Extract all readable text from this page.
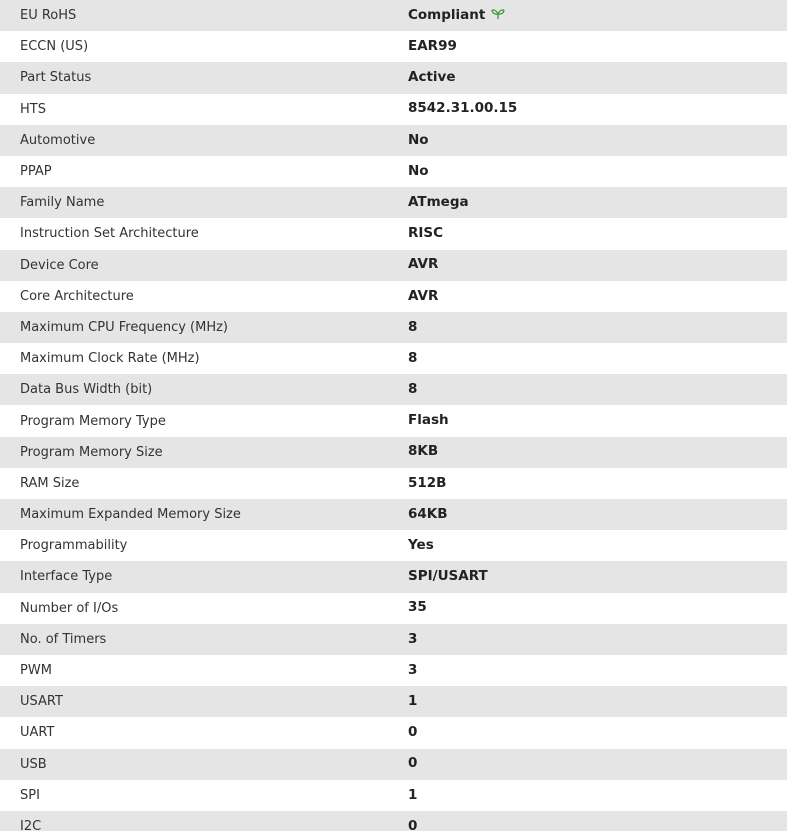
EU RoHS	Compliant
ECCN (US)	EAR99
Part Status	Active
HTS	8542.31.00.15
Automotive	No
PPAP	No
Family Name	ATmega
Instruction Set Architecture	RISC
Device Core	AVR
Core Architecture	AVR
Maximum CPU Frequency (MHz)	8
Maximum Clock Rate (MHz)	8
Data Bus Width (bit)	8
Program Memory Type	Flash
Program Memory Size	8KB
RAM Size	512B
Maximum Expanded Memory Size	64KB
Programmability	Yes
Interface Type	SPI/USART
Number of I/Os	35
No. of Timers	3
PWM	3
USART	1
UART	0
USB	0
SPI	1
I2C	0
